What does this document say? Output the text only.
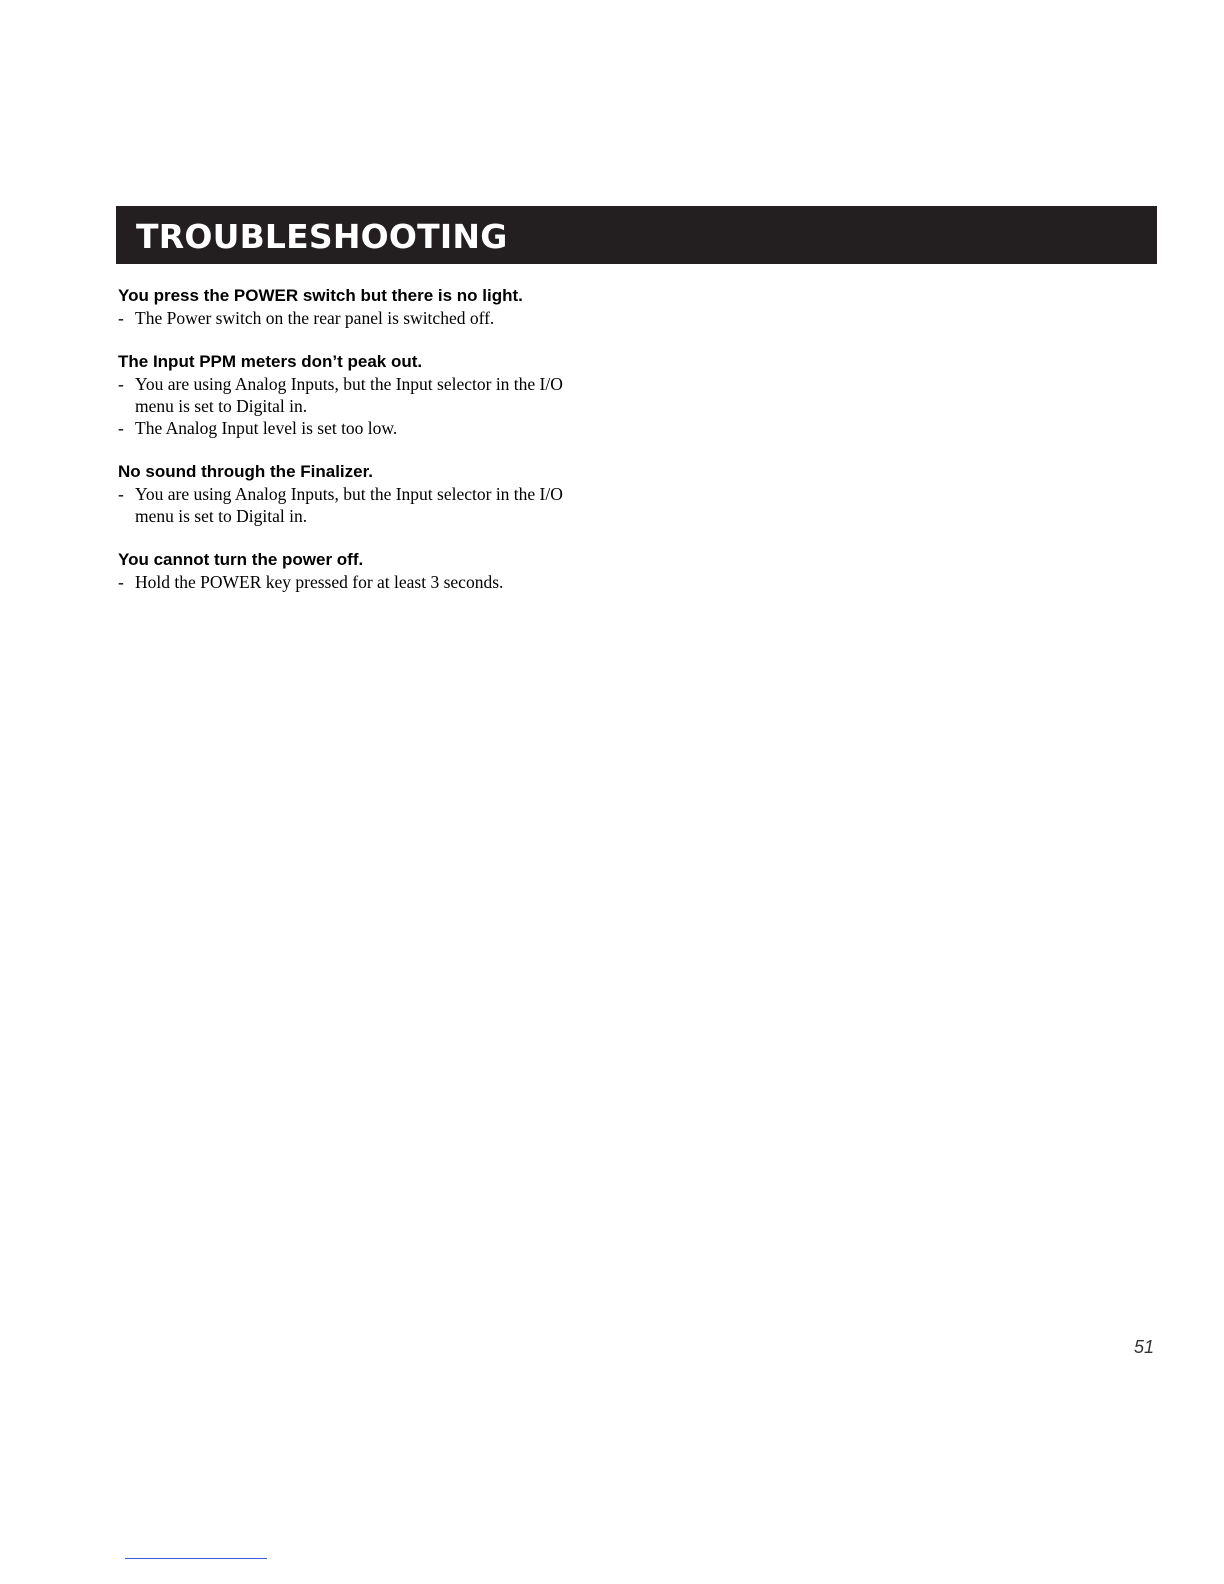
TROUBLESHOOTING
You press the POWER switch but there is no light.
- The Power switch on the rear panel is switched off.
The Input PPM meters don’t peak out.
- You are using Analog Inputs, but the Input selector in the I/O
menu is set to Digital in.
- The Analog Input level is set too low.
No sound through the Finalizer.
- You are using Analog Inputs, but the Input selector in the I/O
menu is set to Digital in.
You cannot turn the power off.
- Hold the POWER key pressed for at least 3 seconds.
51
